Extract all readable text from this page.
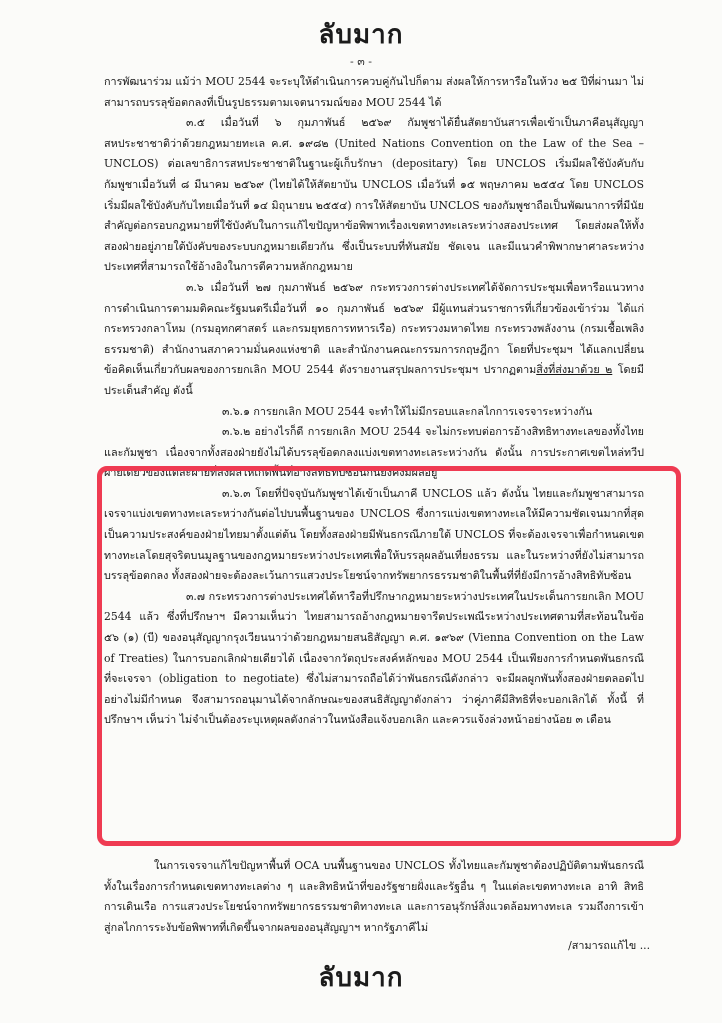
ลับมาก
- ๓ -

การพัฒนาร่วม แม้ว่า MOU 2544 จะระบุให้ดำเนินการควบคู่กันไปก็ตาม ส่งผลให้การหารือในห้วง ๒๕ ปีที่ผ่านมา ไม่สามารถบรรลุข้อตกลงที่เป็นรูปธรรมตามเจตนารมณ์ของ MOU 2544 ได้

๓.๕ เมื่อวันที่ ๖ กุมภาพันธ์ ๒๕๖๙ กัมพูชาได้ยื่นสัตยาบันสารเพื่อเข้าเป็นภาคีอนุสัญญาสหประชาชาติว่าด้วยกฎหมายทะเล ค.ศ. ๑๙๘๒ (United Nations Convention on the Law of the Sea – UNCLOS) ต่อเลขาธิการสหประชาชาติในฐานะผู้เก็บรักษา (depositary) โดย UNCLOS เริ่มมีผลใช้บังคับกับกัมพูชาเมื่อวันที่ ๘ มีนาคม ๒๕๖๙ (ไทยได้ให้สัตยาบัน UNCLOS เมื่อวันที่ ๑๕ พฤษภาคม ๒๕๕๔ โดย UNCLOS เริ่มมีผลใช้บังคับกับไทยเมื่อวันที่ ๑๔ มิถุนายน ๒๕๕๔) การให้สัตยาบัน UNCLOS ของกัมพูชาถือเป็นพัฒนาการที่มีนัยสำคัญต่อกรอบกฎหมายที่ใช้บังคับในการแก้ไขปัญหาข้อพิพาทเรื่องเขตทางทะเลระหว่างสองประเทศ โดยส่งผลให้ทั้งสองฝ่ายอยู่ภายใต้บังคับของระบบกฎหมายเดียวกัน ซึ่งเป็นระบบที่ทันสมัย ชัดเจน และมีแนวคำพิพากษาศาลระหว่างประเทศที่สามารถใช้อ้างอิงในการตีความหลักกฎหมาย

๓.๖ เมื่อวันที่ ๒๗ กุมภาพันธ์ ๒๕๖๙ กระทรวงการต่างประเทศได้จัดการประชุมเพื่อหารือแนวทางการดำเนินการตามมติคณะรัฐมนตรีเมื่อวันที่ ๑๐ กุมภาพันธ์ ๒๕๖๙ มีผู้แทนส่วนราชการที่เกี่ยวข้องเข้าร่วม ได้แก่ กระทรวงกลาโหม (กรมอุทกศาสตร์ และกรมยุทธการทหารเรือ) กระทรวงมหาดไทย กระทรวงพลังงาน (กรมเชื้อเพลิงธรรมชาติ) สำนักงานสภาความมั่นคงแห่งชาติ และสำนักงานคณะกรรมการกฤษฎีกา โดยที่ประชุมฯ ได้แลกเปลี่ยนข้อคิดเห็นเกี่ยวกับผลของการยกเลิก MOU 2544 ดังรายงานสรุปผลการประชุมฯ ปรากฏตามสิ่งที่ส่งมาด้วย ๒ โดยมีประเด็นสำคัญ ดังนี้

๓.๖.๑ การยกเลิก MOU 2544 จะทำให้ไม่มีกรอบและกลไกการเจรจาระหว่างกัน

๓.๖.๒ อย่างไรก็ดี การยกเลิก MOU 2544 จะไม่กระทบต่อการอ้างสิทธิทางทะเลของทั้งไทยและกัมพูชา เนื่องจากทั้งสองฝ่ายยังไม่ได้บรรลุข้อตกลงแบ่งเขตทางทะเลระหว่างกัน ดังนั้น การประกาศเขตไหล่ทวีปฝ่ายเดียวของแต่ละฝ่ายที่ส่งผลให้เกิดพื้นที่อ้างสิทธิทับซ้อนกันยังคงมีผลอยู่

๓.๖.๓ โดยที่ปัจจุบันกัมพูชาได้เข้าเป็นภาคี UNCLOS แล้ว ดังนั้น ไทยและกัมพูชาสามารถเจรจาแบ่งเขตทางทะเลระหว่างกันต่อไปบนพื้นฐานของ UNCLOS ซึ่งการแบ่งเขตทางทะเลให้มีความชัดเจนมากที่สุดเป็นความประสงค์ของฝ่ายไทยมาตั้งแต่ต้น โดยทั้งสองฝ่ายมีพันธกรณีภายใต้ UNCLOS ที่จะต้องเจรจาเพื่อกำหนดเขตทางทะเลโดยสุจริตบนมูลฐานของกฎหมายระหว่างประเทศเพื่อให้บรรลุผลอันเที่ยงธรรม และในระหว่างที่ยังไม่สามารถบรรลุข้อตกลง ทั้งสองฝ่ายจะต้องละเว้นการแสวงประโยชน์จากทรัพยากรธรรมชาติในพื้นที่ที่ยังมีการอ้างสิทธิทับซ้อน

๓.๗ กระทรวงการต่างประเทศได้หารือที่ปรึกษากฎหมายระหว่างประเทศในประเด็นการยกเลิก MOU 2544 แล้ว ซึ่งที่ปรึกษาฯ มีความเห็นว่า ไทยสามารถอ้างกฎหมายจารีตประเพณีระหว่างประเทศตามที่สะท้อนในข้อ ๕๖ (๑) (บี) ของอนุสัญญากรุงเวียนนาว่าด้วยกฎหมายสนธิสัญญา ค.ศ. ๑๙๖๙ (Vienna Convention on the Law of Treaties) ในการบอกเลิกฝ่ายเดียวได้ เนื่องจากวัตถุประสงค์หลักของ MOU 2544 เป็นเพียงการกำหนดพันธกรณีที่จะเจรจา (obligation to negotiate) ซึ่งไม่สามารถถือได้ว่าพันธกรณีดังกล่าว จะมีผลผูกพันทั้งสองฝ่ายตลอดไปอย่างไม่มีกำหนด จึงสามารถอนุมานได้จากลักษณะของสนธิสัญญาดังกล่าว ว่าคู่ภาคีมีสิทธิที่จะบอกเลิกได้ ทั้งนี้ ที่ปรึกษาฯ เห็นว่า ไม่จำเป็นต้องระบุเหตุผลดังกล่าวในหนังสือแจ้งบอกเลิก และควรแจ้งล่วงหน้าอย่างน้อย ๓ เดือน

ในการเจรจาแก้ไขปัญหาพื้นที่ OCA บนพื้นฐานของ UNCLOS ทั้งไทยและกัมพูชาต้องปฏิบัติตามพันธกรณีทั้งในเรื่องการกำหนดเขตทางทะเลต่าง ๆ และสิทธิหน้าที่ของรัฐชายฝั่งและรัฐอื่น ๆ ในแต่ละเขตทางทะเล อาทิ สิทธิการเดินเรือ การแสวงประโยชน์จากทรัพยากรธรรมชาติทางทะเล และการอนุรักษ์สิ่งแวดล้อมทางทะเล รวมถึงการเข้าสู่กลไกการระงับข้อพิพาทที่เกิดขึ้นจากผลของอนุสัญญาฯ หากรัฐภาคีไม่

/สามารถแก้ไข ...
ลับมาก
